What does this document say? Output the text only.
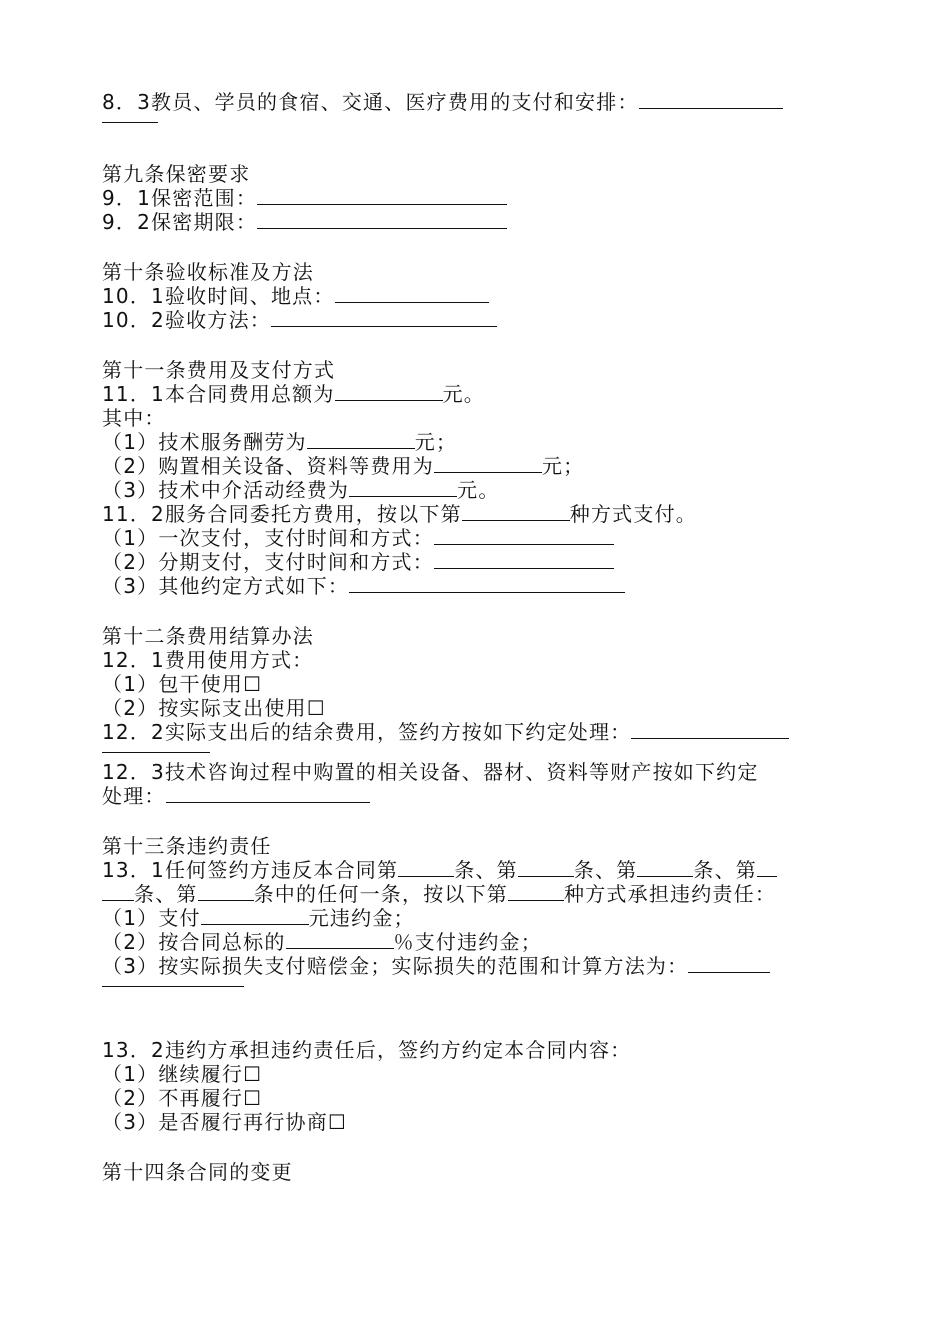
8．3教员、学员的食宿、交通、医疗费用的支付和安排：
第九条保密要求
9．1保密范围：
9．2保密期限：
第十条验收标准及方法
10．1验收时间、地点：
10．2验收方法：
第十一条费用及支付方式
11．1本合同费用总额为	元。
其中：
（1）技术服务酬劳为	元；
（2）购置相关设备、资料等费用为	元；
（3）技术中介活动经费为	元。
11．2服务合同委托方费用，按以下第	种方式支付。
（1）一次支付，支付时间和方式：
（2）分期支付，支付时间和方式：
（3）其他约定方式如下：
第十二条费用结算办法
12．1费用使用方式：
（1）包干使用☐
（2）按实际支出使用☐
12．2实际支出后的结余费用，签约方按如下约定处理：
12．3技术咨询过程中购置的相关设备、器材、资料等财产按如下约定
处理：
第十三条违约责任
13．1任何签约方违反本合同第	条、第	条、第	条、第
条、第	条中的任何一条，按以下第	种方式承担违约责任：
（1）支付	元违约金；
（2）按合同总标的	％支付违约金；
（3）按实际损失支付赔偿金；实际损失的范围和计算方法为：
13．2违约方承担违约责任后，签约方约定本合同内容：
（1）继续履行☐
（2）不再履行☐
（3）是否履行再行协商☐
第十四条合同的变更
